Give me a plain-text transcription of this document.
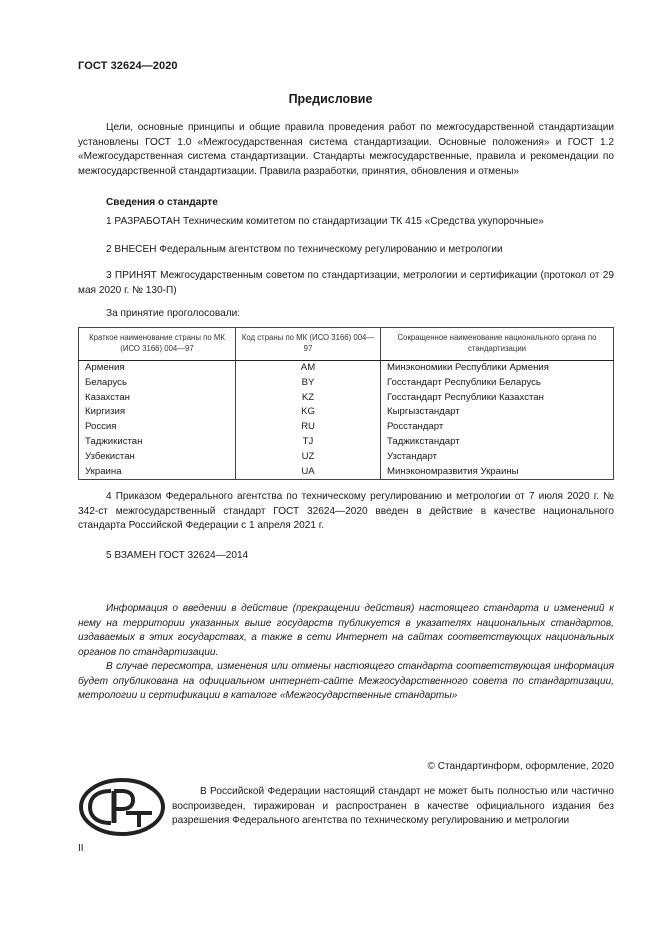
ГОСТ 32624—2020
Предисловие
Цели, основные принципы и общие правила проведения работ по межгосударственной стандартизации установлены ГОСТ 1.0 «Межгосударственная система стандартизации. Основные положения» и ГОСТ 1.2 «Межгосударственная система стандартизации. Стандарты межгосударственные, правила и рекомендации по межгосударственной стандартизации. Правила разработки, принятия, обновления и отмены»
Сведения о стандарте
1 РАЗРАБОТАН Техническим комитетом по стандартизации ТК 415 «Средства укупорочные»
2 ВНЕСЕН Федеральным агентством по техническому регулированию и метрологии
3 ПРИНЯТ Межгосударственным советом по стандартизации, метрологии и сертификации (протокол от 29 мая 2020 г. № 130-П)
За принятие проголосовали:
Краткое наименование страны по МК (ИСО 3166) 004—97	Код страны по МК (ИСО 3166) 004—97	Сокращенное наименование национального органа по стандартизации
Армения	AM	Минэкономики Республики Армения
Беларусь	BY	Госстандарт Республики Беларусь
Казахстан	KZ	Госстандарт Республики Казахстан
Киргизия	KG	Кыргызстандарт
Россия	RU	Росстандарт
Таджикистан	TJ	Таджикстандарт
Узбекистан	UZ	Узстандарт
Украина	UA	Минэкономразвития Украины
4 Приказом Федерального агентства по техническому регулированию и метрологии от 7 июля 2020 г. № 342-ст межгосударственный стандарт ГОСТ 32624—2020 введен в действие в качестве национального стандарта Российской Федерации с 1 апреля 2021 г.
5 ВЗАМЕН ГОСТ 32624—2014
Информация о введении в действие (прекращении действия) настоящего стандарта и изменений к нему на территории указанных выше государств публикуется в указателях национальных стандартов, издаваемых в этих государствах, а также в сети Интернет на сайтах соответствующих национальных органов по стандартизации.
В случае пересмотра, изменения или отмены настоящего стандарта соответствующая информация будет опубликована на официальном интернет-сайте Межгосударственного совета по стандартизации, метрологии и сертификации в каталоге «Межгосударственные стандарты»
© Стандартинформ, оформление, 2020
В Российской Федерации настоящий стандарт не может быть полностью или частично воспроизведен, тиражирован и распространен в качестве официального издания без разрешения Федерального агентства по техническому регулированию и метрологии
II
